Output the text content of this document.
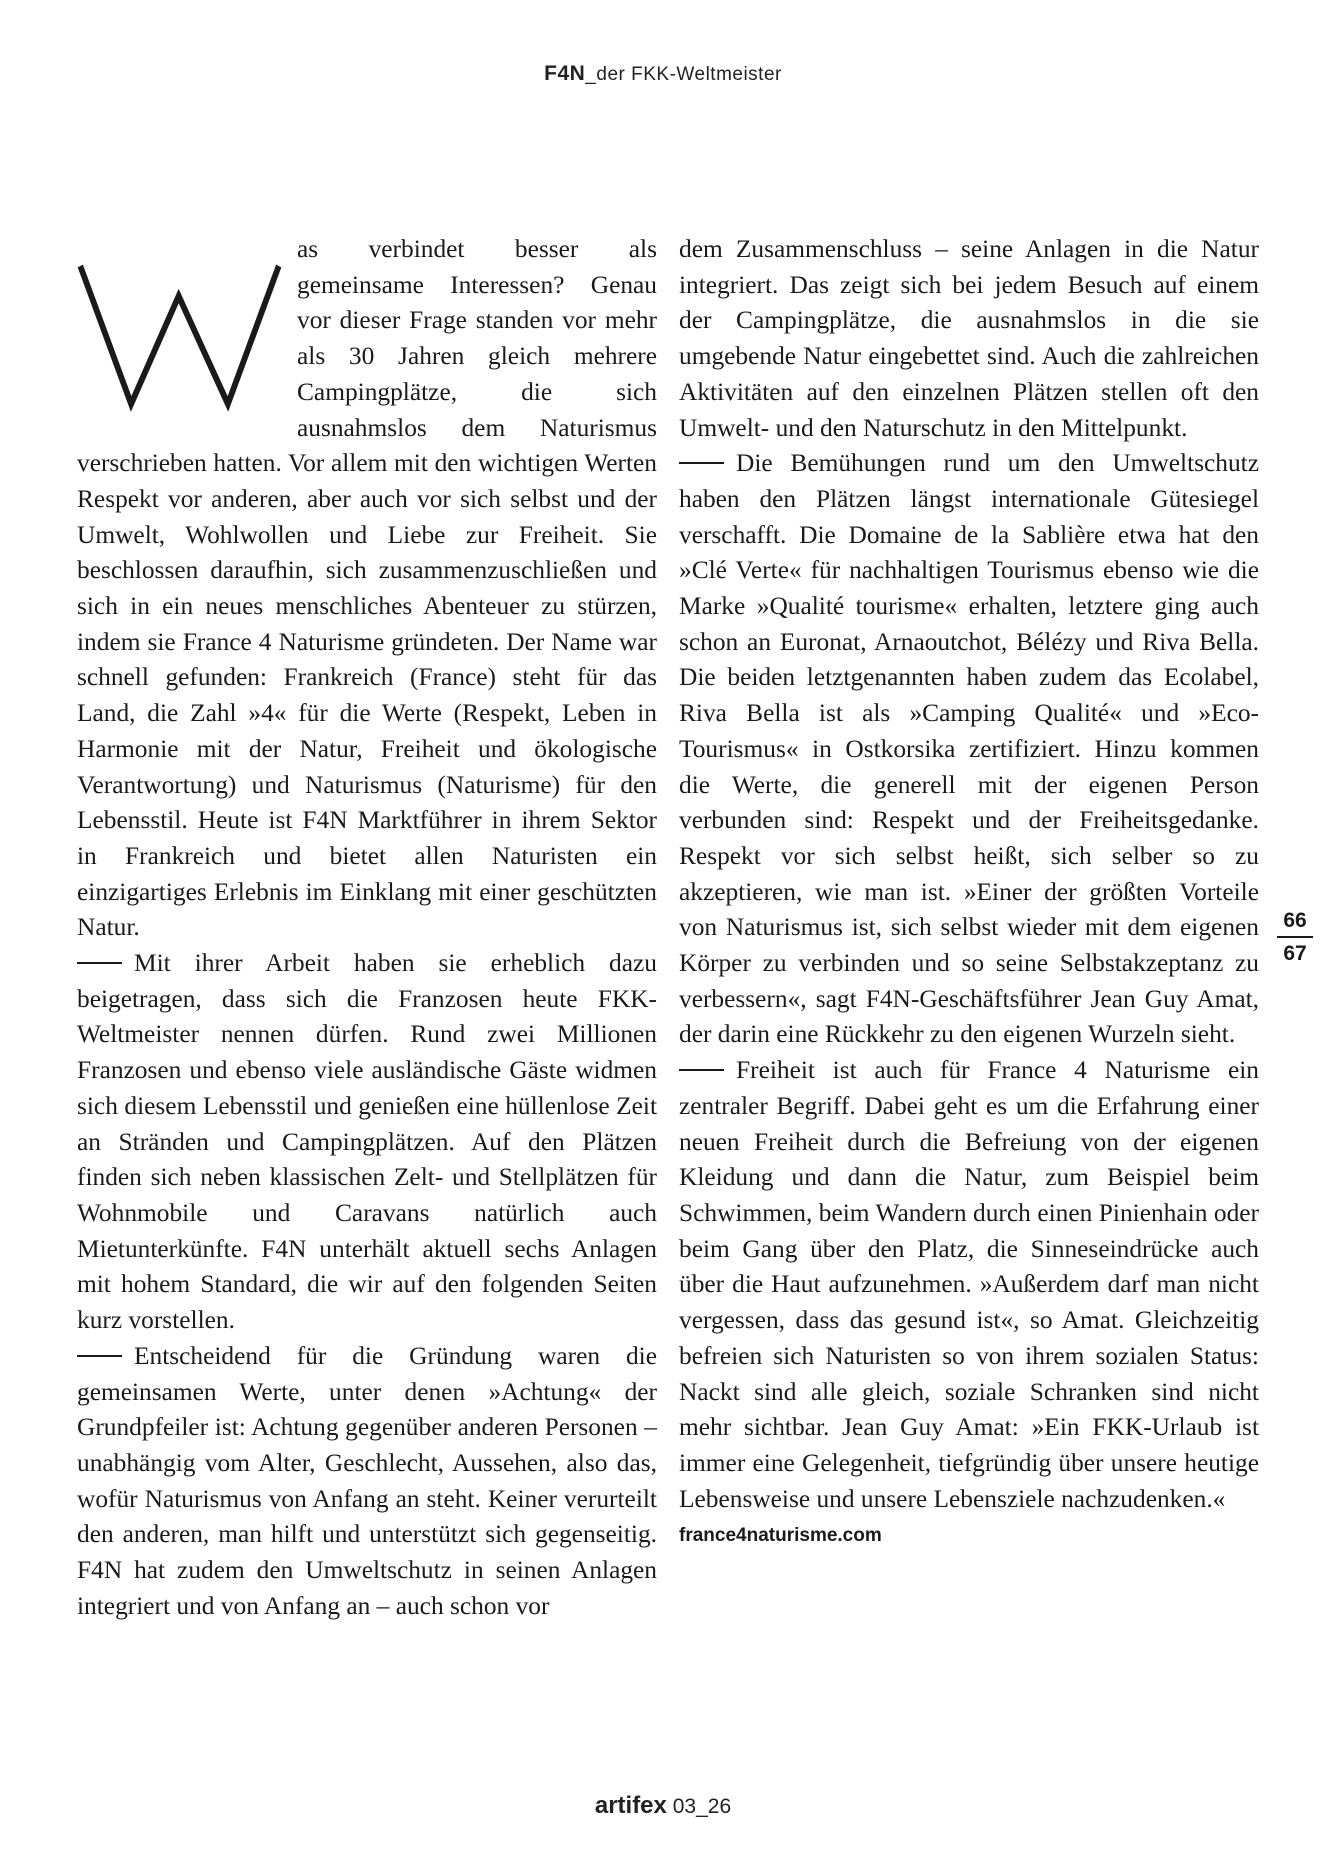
F4N_der FKK-Weltmeister

as verbindet besser als gemeinsame Interessen? Genau vor dieser Frage standen vor mehr als 30 Jahren gleich mehrere Campingplätze, die sich ausnahmslos dem Naturismus verschrieben hatten. Vor allem mit den wichtigen Werten Respekt vor anderen, aber auch vor sich selbst und der Umwelt, Wohlwollen und Liebe zur Freiheit. Sie beschlossen daraufhin, sich zusammenzuschließen und sich in ein neues menschliches Abenteuer zu stürzen, indem sie France 4 Naturisme gründeten. Der Name war schnell gefunden: Frankreich (France) steht für das Land, die Zahl »4« für die Werte (Respekt, Leben in Harmonie mit der Natur, Freiheit und ökologische Verantwortung) und Naturismus (Naturisme) für den Lebensstil. Heute ist F4N Marktführer in ihrem Sektor in Frankreich und bietet allen Naturisten ein einzigartiges Erlebnis im Einklang mit einer geschützten Natur.

Mit ihrer Arbeit haben sie erheblich dazu beigetragen, dass sich die Franzosen heute FKK-Weltmeister nennen dürfen. Rund zwei Millionen Franzosen und ebenso viele ausländische Gäste widmen sich diesem Lebensstil und genießen eine hüllenlose Zeit an Stränden und Campingplätzen. Auf den Plätzen finden sich neben klassischen Zelt- und Stellplätzen für Wohnmobile und Caravans natürlich auch Mietunterkünfte. F4N unterhält aktuell sechs Anlagen mit hohem Standard, die wir auf den folgenden Seiten kurz vorstellen.

Entscheidend für die Gründung waren die gemeinsamen Werte, unter denen »Achtung« der Grundpfeiler ist: Achtung gegenüber anderen Personen – unabhängig vom Alter, Geschlecht, Aussehen, also das, wofür Naturismus von Anfang an steht. Keiner verurteilt den anderen, man hilft und unterstützt sich gegenseitig. F4N hat zudem den Umweltschutz in seinen Anlagen integriert und von Anfang an – auch schon vor

dem Zusammenschluss – seine Anlagen in die Natur integriert. Das zeigt sich bei jedem Besuch auf einem der Campingplätze, die ausnahmslos in die sie umgebende Natur eingebettet sind. Auch die zahlreichen Aktivitäten auf den einzelnen Plätzen stellen oft den Umwelt- und den Naturschutz in den Mittelpunkt.

Die Bemühungen rund um den Umweltschutz haben den Plätzen längst internationale Gütesiegel verschafft. Die Domaine de la Sablière etwa hat den »Clé Verte« für nachhaltigen Tourismus ebenso wie die Marke »Qualité tourisme« erhalten, letztere ging auch schon an Euronat, Arnaoutchot, Bélézy und Riva Bella. Die beiden letztgenannten haben zudem das Ecolabel, Riva Bella ist als »Camping Qualité« und »Eco-Tourismus« in Ostkorsika zertifiziert. Hinzu kommen die Werte, die generell mit der eigenen Person verbunden sind: Respekt und der Freiheitsgedanke. Respekt vor sich selbst heißt, sich selber so zu akzeptieren, wie man ist. »Einer der größten Vorteile von Naturismus ist, sich selbst wieder mit dem eigenen Körper zu verbinden und so seine Selbstakzeptanz zu verbessern«, sagt F4N-Geschäftsführer Jean Guy Amat, der darin eine Rückkehr zu den eigenen Wurzeln sieht.

Freiheit ist auch für France 4 Naturisme ein zentraler Begriff. Dabei geht es um die Erfahrung einer neuen Freiheit durch die Befreiung von der eigenen Kleidung und dann die Natur, zum Beispiel beim Schwimmen, beim Wandern durch einen Pinienhain oder beim Gang über den Platz, die Sinneseindrücke auch über die Haut aufzunehmen. »Außerdem darf man nicht vergessen, dass das gesund ist«, so Amat. Gleichzeitig befreien sich Naturisten so von ihrem sozialen Status: Nackt sind alle gleich, soziale Schranken sind nicht mehr sichtbar. Jean Guy Amat: »Ein FKK-Urlaub ist immer eine Gelegenheit, tiefgründig über unsere heutige Lebensweise und unsere Lebensziele nachzudenken.«

france4naturisme.com

66
67
artifex 03_26
